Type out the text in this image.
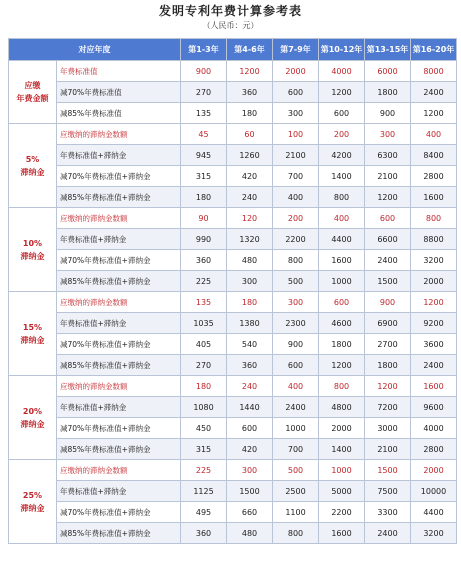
发明专利年费计算参考表
（人民币：元）
对应年度		第1-3年	第4-6年	第7-9年	第10-12年	第13-15年	第16-20年
应缴
年费金额	年费标准值	900	1200	2000	4000	6000	8000
	减70%年费标准值	270	360	600	1200	1800	2400
	减85%年费标准值	135	180	300	600	900	1200
5%
滞纳金	应缴纳的滞纳金数额	45	60	100	200	300	400
	年费标准值+滞纳金	945	1260	2100	4200	6300	8400
	减70%年费标准值+滞纳金	315	420	700	1400	2100	2800
	减85%年费标准值+滞纳金	180	240	400	800	1200	1600
10%
滞纳金	应缴纳的滞纳金数额	90	120	200	400	600	800
	年费标准值+滞纳金	990	1320	2200	4400	6600	8800
	减70%年费标准值+滞纳金	360	480	800	1600	2400	3200
	减85%年费标准值+滞纳金	225	300	500	1000	1500	2000
15%
滞纳金	应缴纳的滞纳金数额	135	180	300	600	900	1200
	年费标准值+滞纳金	1035	1380	2300	4600	6900	9200
	减70%年费标准值+滞纳金	405	540	900	1800	2700	3600
	减85%年费标准值+滞纳金	270	360	600	1200	1800	2400
20%
滞纳金	应缴纳的滞纳金数额	180	240	400	800	1200	1600
	年费标准值+滞纳金	1080	1440	2400	4800	7200	9600
	减70%年费标准值+滞纳金	450	600	1000	2000	3000	4000
	减85%年费标准值+滞纳金	315	420	700	1400	2100	2800
25%
滞纳金	应缴纳的滞纳金数额	225	300	500	1000	1500	2000
	年费标准值+滞纳金	1125	1500	2500	5000	7500	10000
	减70%年费标准值+滞纳金	495	660	1100	2200	3300	4400
	减85%年费标准值+滞纳金	360	480	800	1600	2400	3200
